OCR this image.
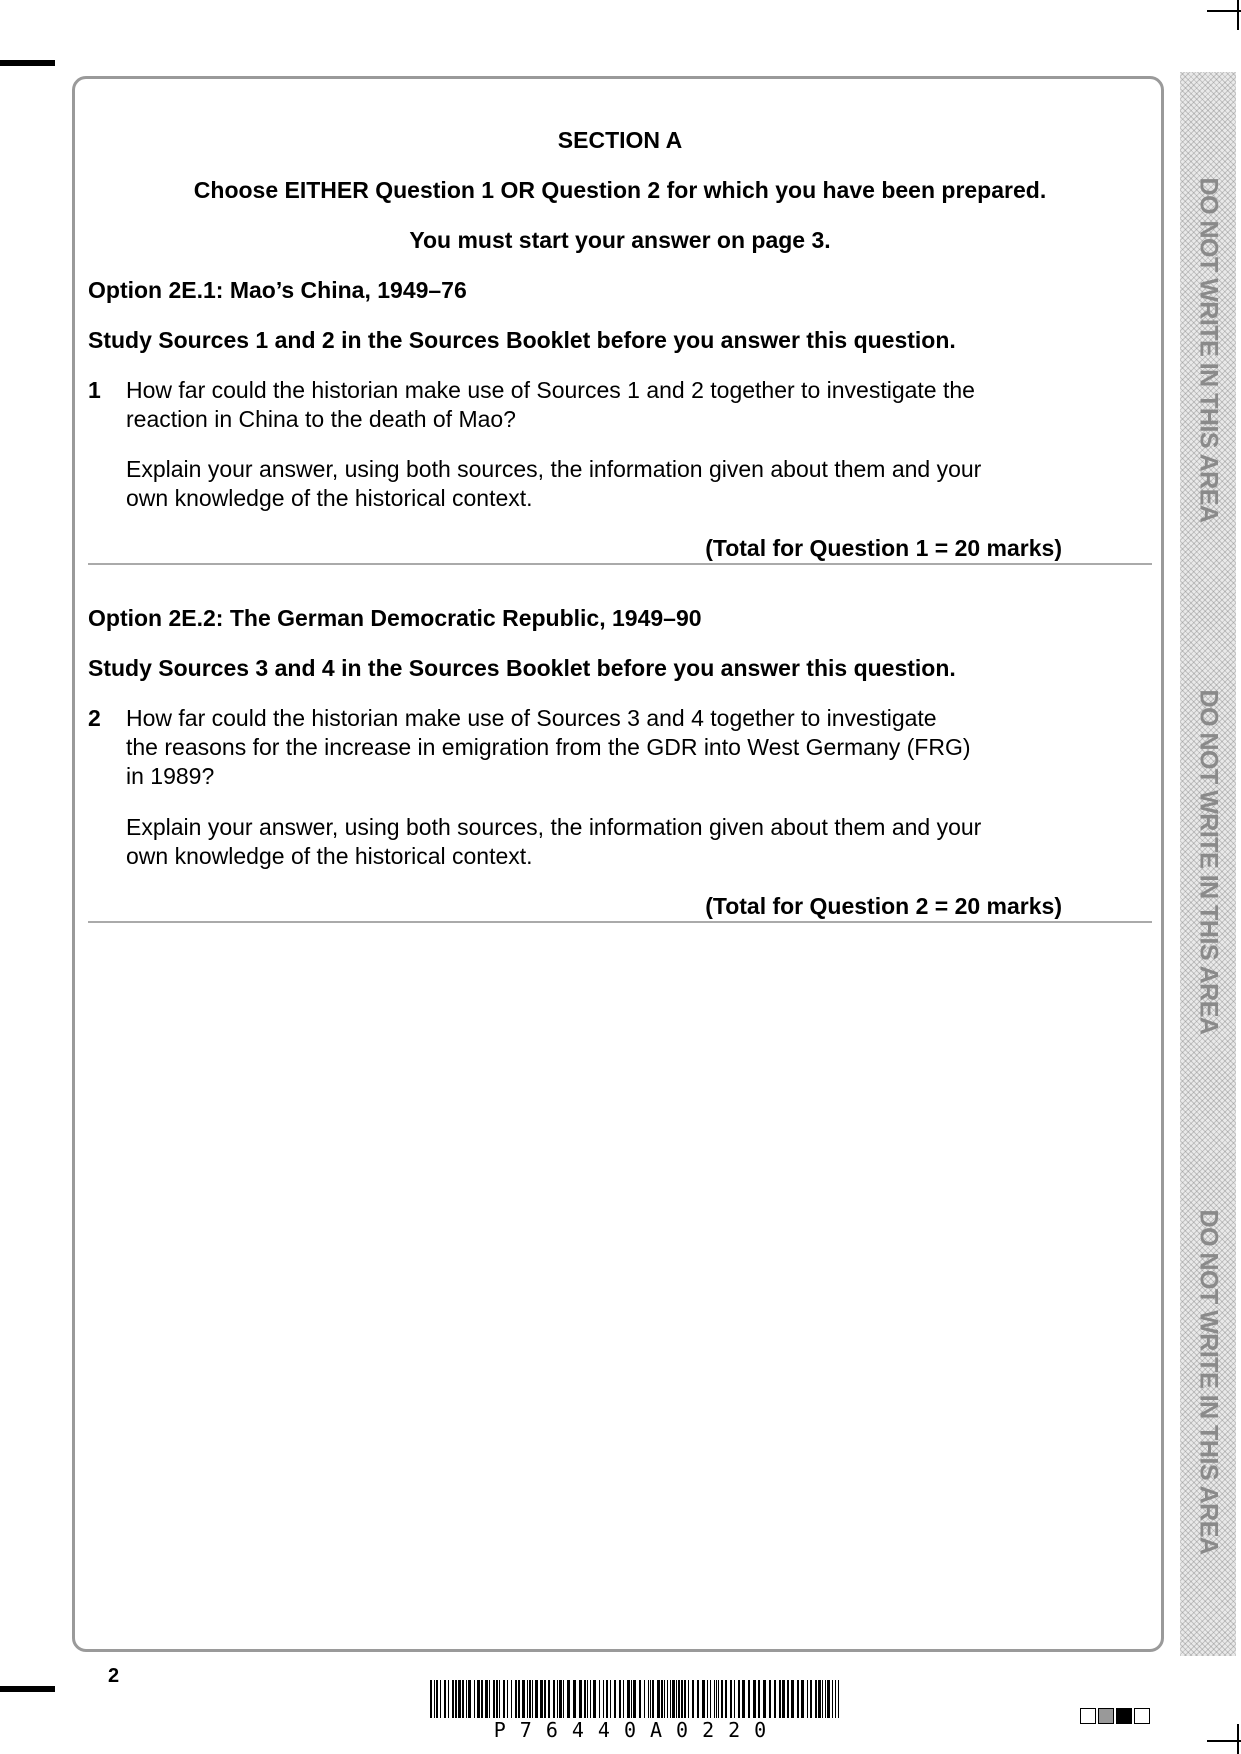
SECTION A
Choose EITHER Question 1 OR Question 2 for which you have been prepared.
You must start your answer on page 3.
Option 2E.1: Mao’s China, 1949–76
Study Sources 1 and 2 in the Sources Booklet before you answer this question.
1 How far could the historian make use of Sources 1 and 2 together to investigate the
reaction in China to the death of Mao?
Explain your answer, using both sources, the information given about them and your
own knowledge of the historical context.
(Total for Question 1 = 20 marks)
Option 2E.2: The German Democratic Republic, 1949–90
Study Sources 3 and 4 in the Sources Booklet before you answer this question.
2 How far could the historian make use of Sources 3 and 4 together to investigate
the reasons for the increase in emigration from the GDR into West Germany (FRG)
in 1989?
Explain your answer, using both sources, the information given about them and your
own knowledge of the historical context.
(Total for Question 2 = 20 marks)
DO NOT WRITE IN THIS AREA
DO NOT WRITE IN THIS AREA
DO NOT WRITE IN THIS AREA
2
P76440A0220
